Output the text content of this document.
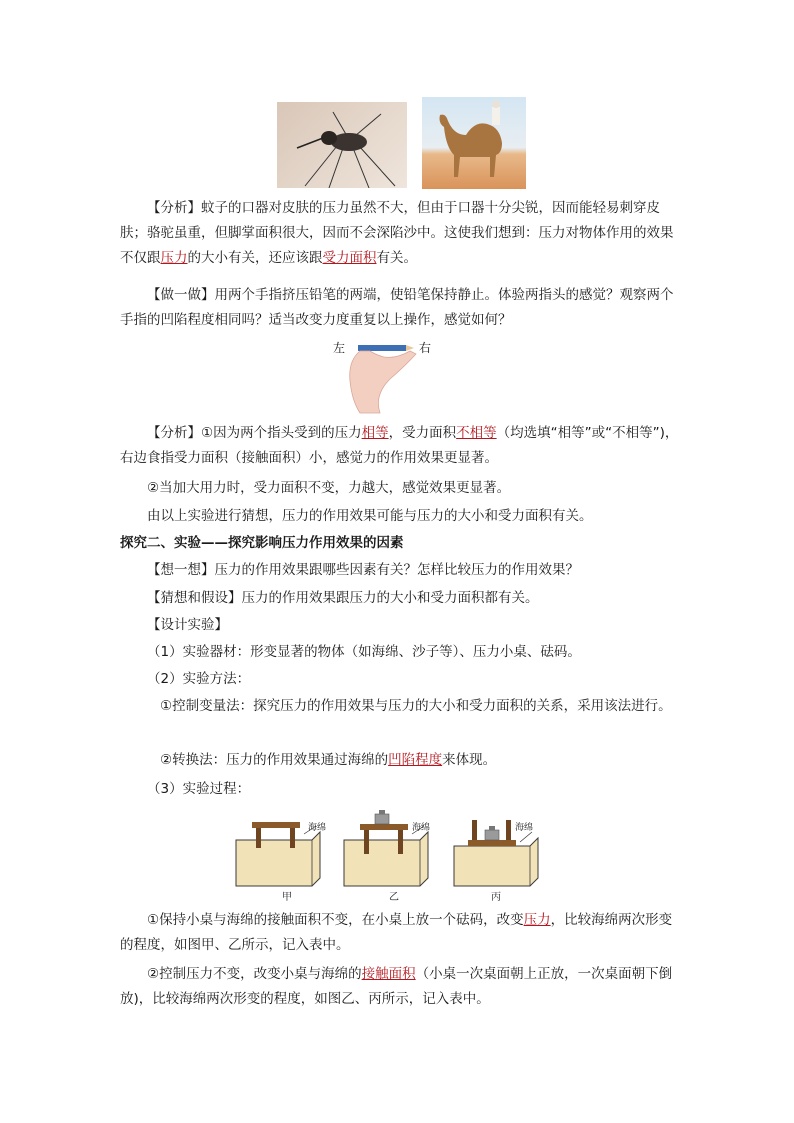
【分析】蚊子的口器对皮肤的压力虽然不大，但由于口器十分尖锐，因而能轻易刺穿皮肤；骆驼虽重，但脚掌面积很大，因而不会深陷沙中。这使我们想到：压力对物体作用的效果不仅跟压力的大小有关，还应该跟受力面积有关。
【做一做】用两个手指挤压铅笔的两端，使铅笔保持静止。体验两指头的感觉？观察两个手指的凹陷程度相同吗？适当改变力度重复以上操作，感觉如何？
左	右
【分析】①因为两个指头受到的压力相等，受力面积不相等（均选填“相等”或“不相等”)，右边食指受力面积（接触面积）小，感觉力的作用效果更显著。
②当加大用力时，受力面积不变，力越大，感觉效果更显著。
由以上实验进行猜想，压力的作用效果可能与压力的大小和受力面积有关。
探究二、实验——探究影响压力作用效果的因素
【想一想】压力的作用效果跟哪些因素有关？怎样比较压力的作用效果？
【猜想和假设】压力的作用效果跟压力的大小和受力面积都有关。
【设计实验】
（1）实验器材：形变显著的物体（如海绵、沙子等）、压力小桌、砝码。
（2）实验方法：
①控制变量法：探究压力的作用效果与压力的大小和受力面积的关系，采用该法进行。
②转换法：压力的作用效果通过海绵的凹陷程度来体现。
（3）实验过程：
海绵	海绵	海绵
甲	乙	丙
①保持小桌与海绵的接触面积不变，在小桌上放一个砝码，改变压力，比较海绵两次形变的程度，如图甲、乙所示，记入表中。
②控制压力不变，改变小桌与海绵的接触面积（小桌一次桌面朝上正放，一次桌面朝下倒放)，比较海绵两次形变的程度，如图乙、丙所示，记入表中。
